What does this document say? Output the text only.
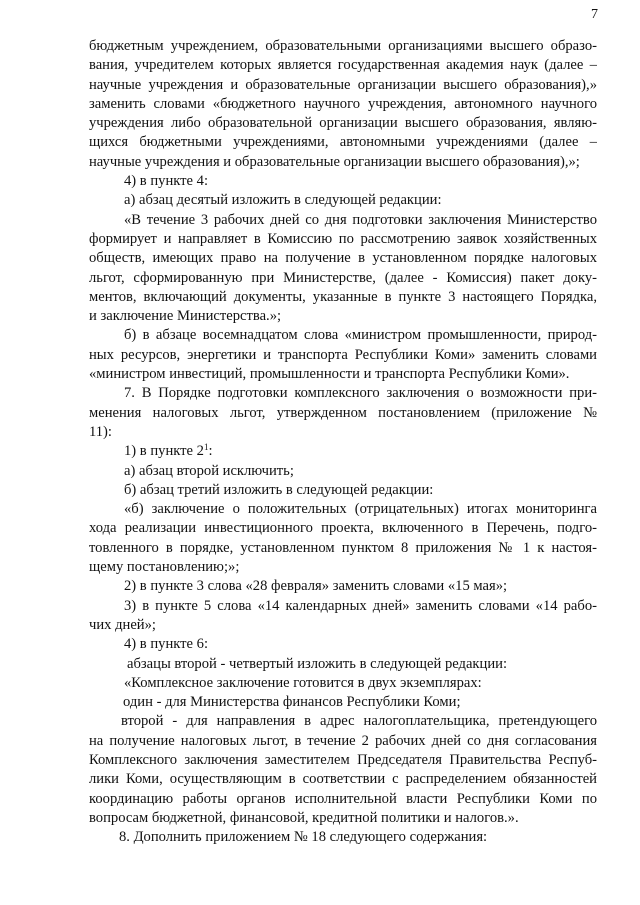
7
бюджетным учреждением, образовательными организациями высшего образо-
вания, учредителем которых является государственная академия наук (далее –
научные учреждения и образовательные организации высшего образования),»
заменить словами «бюджетного научного учреждения, автономного научного
учреждения либо образовательной организации высшего образования, являю-
щихся бюджетными учреждениями, автономными учреждениями (далее –
научные учреждения и образовательные организации высшего образования),»;
4) в пункте 4:
а) абзац десятый изложить в следующей редакции:
«В течение 3 рабочих дней со дня подготовки заключения Министерство
формирует и направляет в Комиссию по рассмотрению заявок хозяйственных
обществ, имеющих право на получение в установленном порядке налоговых
льгот, сформированную при Министерстве, (далее - Комиссия) пакет доку-
ментов, включающий документы, указанные в пункте 3 настоящего Порядка,
и заключение Министерства.»;
б) в абзаце восемнадцатом слова «министром промышленности, природ-
ных ресурсов, энергетики и транспорта Республики Коми» заменить словами
«министром инвестиций, промышленности и транспорта Республики Коми».
7. В Порядке подготовки комплексного заключения о возможности при-
менения налоговых льгот, утвержденном постановлением (приложение №
11):
1) в пункте $2^1$:
а) абзац второй исключить;
б) абзац третий изложить в следующей редакции:
«б) заключение о положительных (отрицательных) итогах мониторинга
хода реализации инвестиционного проекта, включенного в Перечень, подго-
товленного в порядке, установленном пунктом 8 приложения № 1 к настоя-
щему постановлению;»;
2) в пункте 3 слова «28 февраля» заменить словами «15 мая»;
3) в пункте 5 слова «14 календарных дней» заменить словами «14 рабо-
чих дней»;
4) в пункте 6:
абзацы второй - четвертый изложить в следующей редакции:
«Комплексное заключение готовится в двух экземплярах:
один - для Министерства финансов Республики Коми;
второй - для направления в адрес налогоплательщика, претендующего
на получение налоговых льгот, в течение 2 рабочих дней со дня согласования
Комплексного заключения заместителем Председателя Правительства Респуб-
лики Коми, осуществляющим в соответствии с распределением обязанностей
координацию работы органов исполнительной власти Республики Коми по
вопросам бюджетной, финансовой, кредитной политики и налогов.».
8. Дополнить приложением № 18 следующего содержания:
